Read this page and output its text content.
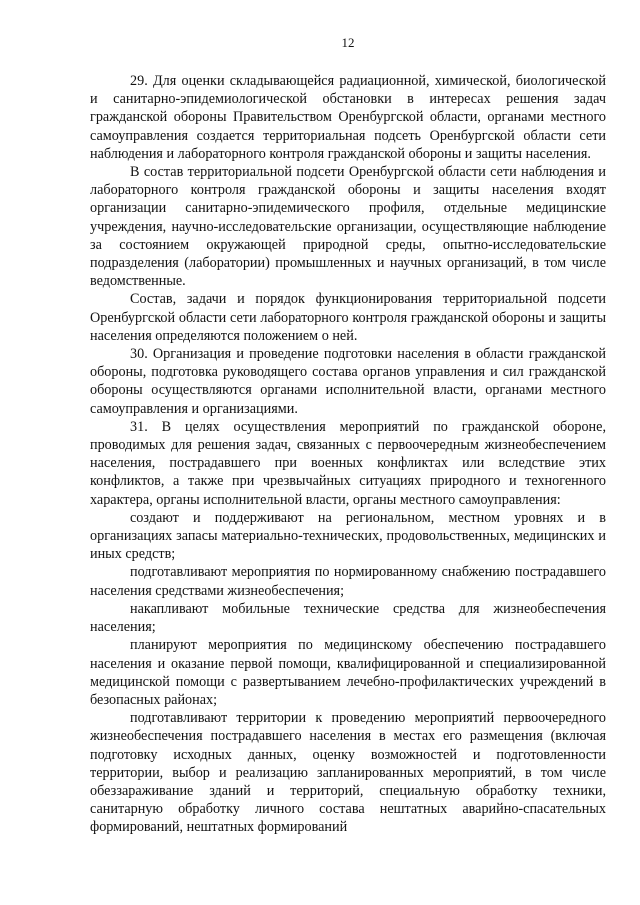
12

29. Для оценки складывающейся радиационной, химической, биологической и санитарно-эпидемиологической обстановки в интересах решения задач гражданской обороны Правительством Оренбургской области, органами местного самоуправления создается территориальная подсеть Оренбургской области сети наблюдения и лабораторного контроля гражданской обороны и защиты населения.

В состав территориальной подсети Оренбургской области сети наблюдения и лабораторного контроля гражданской обороны и защиты населения входят организации санитарно-эпидемического профиля, отдельные медицинские учреждения, научно-исследовательские организации, осуществляющие наблюдение за состоянием окружающей природной среды, опытно-исследовательские подразделения (лаборатории) промышленных и научных организаций, в том числе ведомственные.

Состав, задачи и порядок функционирования территориальной подсети Оренбургской области сети лабораторного контроля гражданской обороны и защиты населения определяются положением о ней.

30. Организация и проведение подготовки населения в области гражданской обороны, подготовка руководящего состава органов управления и сил гражданской обороны осуществляются органами исполнительной власти, органами местного самоуправления и организациями.

31. В целях осуществления мероприятий по гражданской обороне, проводимых для решения задач, связанных с первоочередным жизнеобеспечением населения, пострадавшего при военных конфликтах или вследствие этих конфликтов, а также при чрезвычайных ситуациях природного и техногенного характера, органы исполнительной власти, органы местного самоуправления:

создают и поддерживают на региональном, местном уровнях и в организациях запасы материально-технических, продовольственных, медицинских и иных средств;

подготавливают мероприятия по нормированному снабжению пострадавшего населения средствами жизнеобеспечения;

накапливают мобильные технические средства для жизнеобеспечения населения;

планируют мероприятия по медицинскому обеспечению пострадавшего населения и оказание первой помощи, квалифицированной и специализированной медицинской помощи с развертыванием лечебно-профилактических учреждений в безопасных районах;

подготавливают территории к проведению мероприятий первоочередного жизнеобеспечения пострадавшего населения в местах его размещения (включая подготовку исходных данных, оценку возможностей и подготовленности территории, выбор и реализацию запланированных мероприятий, в том числе обеззараживание зданий и территорий, специальную обработку техники, санитарную обработку личного состава нештатных аварийно-спасательных формирований, нештатных формирований
